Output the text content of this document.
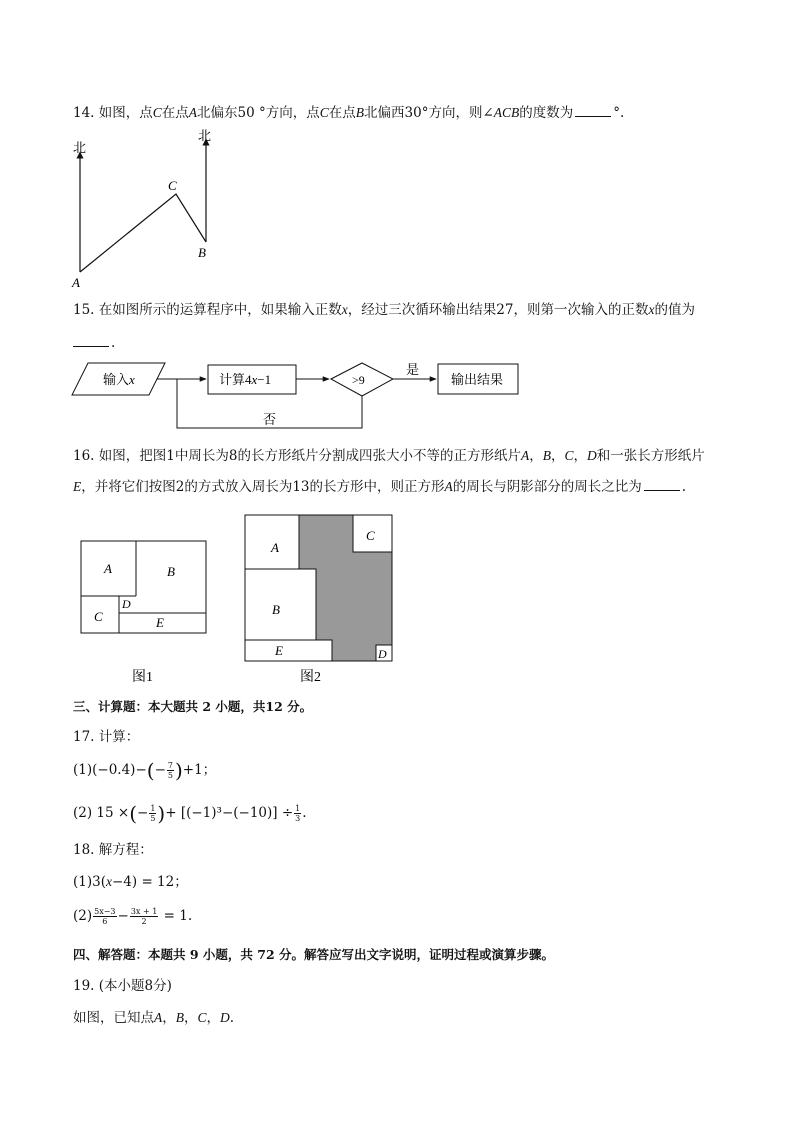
14. 如图，点C在点A北偏东50 °方向，点C在点B北偏西30°方向，则∠ACB的度数为	°.
北
北
C
B
A
15. 在如图所示的运算程序中，如果输入正数x，经过三次循环输出结果27，则第一次输入的正数x的值为
.
输入x	计算4x−1	>9
是
输出结果
否
16. 如图，把图1中周长为8的长方形纸片分割成四张大小不等的正方形纸片A，B，C，D和一张长方形纸片
E，并将它们按图2的方式放入周长为13的长方形中，则正方形A的周长与阴影部分的周长之比为	.
A	B
C
D
E
图1
A
B
C
D
E
图2
三、计算题：本大题共 2 小题，共12 分。
17. 计算：
$(1)(-0.4)-(- \frac{7}{5} )+1$；
(2) 15 ×(− $\frac{1}{5}$ )+ $[(-1)^3-(-10)] \div \frac{1}{3}$ .
18. 解方程：
(1)3(x−4) = 12；
$(2) \frac{5x-3}{6} - \frac{3x + 1}{2} = 1$.
四、解答题：本题共 9 小题，共 72 分。解答应写出文字说明，证明过程或演算步骤。
19. (本小题8分)
如图，已知点A，B，C，D.
